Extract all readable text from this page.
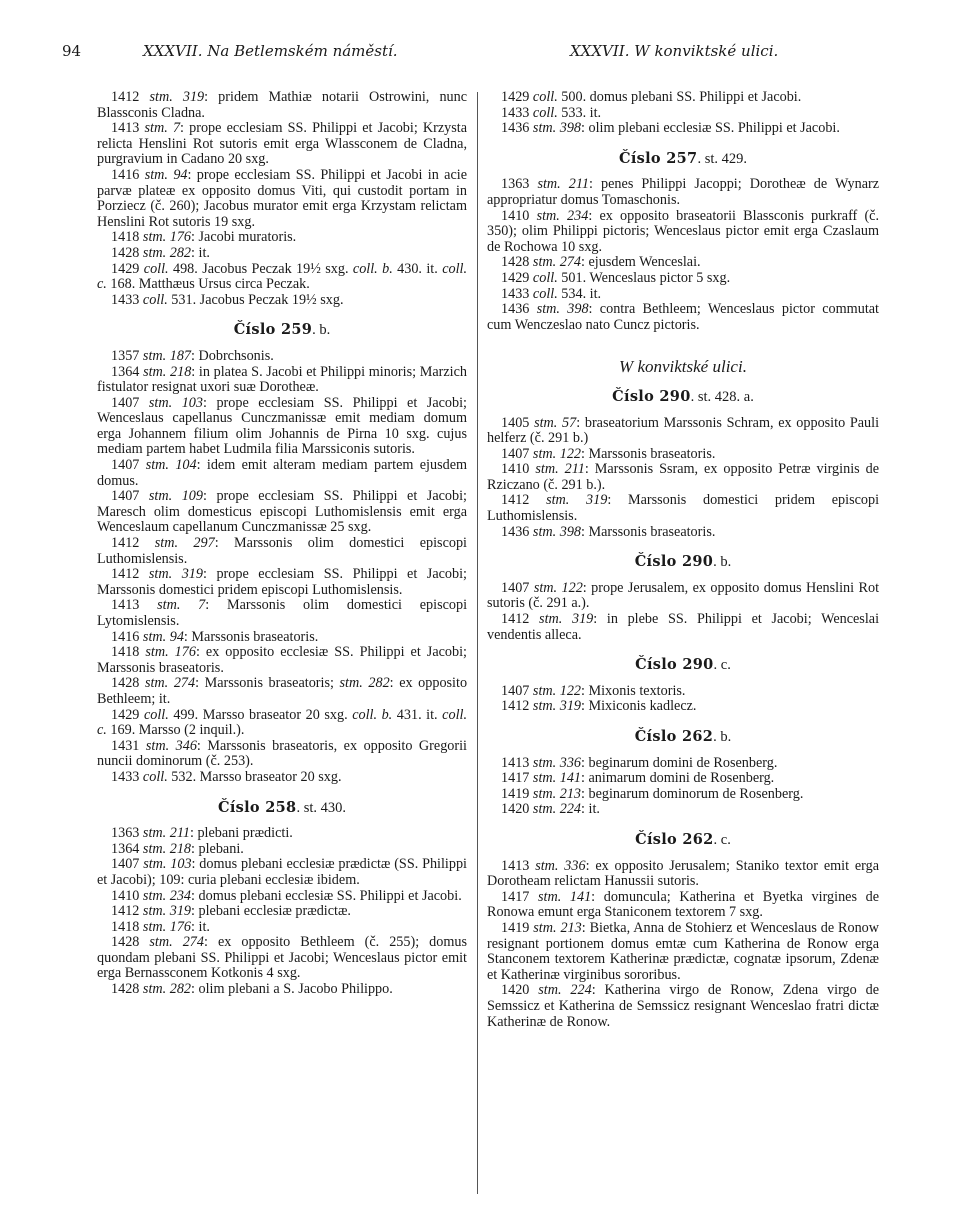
94	XXXVII. Na Betlemském náměstí.	XXXVII. W konviktské ulici.

1412 stm. 319: pridem Mathiæ notarii Ostrowini, nunc Blassconis Cladna.

1413 stm. 7: prope ecclesiam SS. Philippi et Jacobi; Krzysta relicta Henslini Rot sutoris emit erga Wlassconem de Cladna, purgravium in Cadano 20 sxg.

1416 stm. 94: prope ecclesiam SS. Philippi et Jacobi in acie parvæ plateæ ex opposito domus Viti, qui custodit portam in Porziecz (č. 260); Jacobus murator emit erga Krzystam relictam Henslini Rot sutoris 19 sxg.

1418 stm. 176: Jacobi muratoris.

1428 stm. 282: it.

1429 coll. 498. Jacobus Peczak 19½ sxg. coll. b. 430. it. coll. c. 168. Matthæus Ursus circa Peczak.

1433 coll. 531. Jacobus Peczak 19½ sxg.

Číslo 259. b.

1357 stm. 187: Dobrchsonis.

1364 stm. 218: in platea S. Jacobi et Philippi minoris; Marzich fistulator resignat uxori suæ Dorotheæ.

1407 stm. 103: prope ecclesiam SS. Philippi et Jacobi; Wenceslaus capellanus Cunczmanissæ emit mediam domum erga Johannem filium olim Johannis de Pirna 10 sxg. cujus mediam partem habet Ludmila filia Marssiconis sutoris.

1407 stm. 104: idem emit alteram mediam partem ejusdem domus.

1407 stm. 109: prope ecclesiam SS. Philippi et Jacobi; Maresch olim domesticus episcopi Luthomislensis emit erga Wenceslaum capellanum Cunczmanissæ 25 sxg.

1412 stm. 297: Marssonis olim domestici episcopi Luthomislensis.

1412 stm. 319: prope ecclesiam SS. Philippi et Jacobi; Marssonis domestici pridem episcopi Luthomislensis.

1413 stm. 7: Marssonis olim domestici episcopi Lytomislensis.

1416 stm. 94: Marssonis braseatoris.

1418 stm. 176: ex opposito ecclesiæ SS. Philippi et Jacobi; Marssonis braseatoris.

1428 stm. 274: Marssonis braseatoris; stm. 282: ex opposito Bethleem; it.

1429 coll. 499. Marsso braseator 20 sxg. coll. b. 431. it. coll. c. 169. Marsso (2 inquil.).

1431 stm. 346: Marssonis braseatoris, ex opposito Gregorii nuncii dominorum (č. 253).

1433 coll. 532. Marsso braseator 20 sxg.

Číslo 258. st. 430.

1363 stm. 211: plebani prædicti.

1364 stm. 218: plebani.

1407 stm. 103: domus plebani ecclesiæ prædictæ (SS. Philippi et Jacobi); 109: curia plebani ecclesiæ ibidem.

1410 stm. 234: domus plebani ecclesiæ SS. Philippi et Jacobi.

1412 stm. 319: plebani ecclesiæ prædictæ.

1418 stm. 176: it.

1428 stm. 274: ex opposito Bethleem (č. 255); domus quondam plebani SS. Philippi et Jacobi; Wenceslaus pictor emit erga Bernassconem Kotkonis 4 sxg.

1428 stm. 282: olim plebani a S. Jacobo Philippo.

1429 coll. 500. domus plebani SS. Philippi et Jacobi.

1433 coll. 533. it.

1436 stm. 398: olim plebani ecclesiæ SS. Philippi et Jacobi.

Číslo 257. st. 429.

1363 stm. 211: penes Philippi Jacoppi; Dorotheæ de Wynarz appropriatur domus Tomaschonis.

1410 stm. 234: ex opposito braseatorii Blassconis purkraff (č. 350); olim Philippi pictoris; Wenceslaus pictor emit erga Czaslaum de Rochowa 10 sxg.

1428 stm. 274: ejusdem Wenceslai.

1429 coll. 501. Wenceslaus pictor 5 sxg.

1433 coll. 534. it.

1436 stm. 398: contra Bethleem; Wenceslaus pictor commutat cum Wenczeslao nato Cuncz pictoris.

W konviktské ulici.
Číslo 290. st. 428. a.

1405 stm. 57: braseatorium Marssonis Schram, ex opposito Pauli helferz (č. 291 b.)

1407 stm. 122: Marssonis braseatoris.

1410 stm. 211: Marssonis Ssram, ex opposito Petræ virginis de Rziczano (č. 291 b.).

1412 stm. 319: Marssonis domestici pridem episcopi Luthomislensis.

1436 stm. 398: Marssonis braseatoris.

Číslo 290. b.

1407 stm. 122: prope Jerusalem, ex opposito domus Henslini Rot sutoris (č. 291 a.).

1412 stm. 319: in plebe SS. Philippi et Jacobi; Wenceslai vendentis alleca.

Číslo 290. c.

1407 stm. 122: Mixonis textoris.

1412 stm. 319: Mixiconis kadlecz.

Číslo 262. b.

1413 stm. 336: beginarum domini de Rosenberg.

1417 stm. 141: animarum domini de Rosenberg.

1419 stm. 213: beginarum dominorum de Rosenberg.

1420 stm. 224: it.

Číslo 262. c.

1413 stm. 336: ex opposito Jerusalem; Staniko textor emit erga Dorotheam relictam Hanussii sutoris.

1417 stm. 141: domuncula; Katherina et Byetka virgines de Ronowa emunt erga Staniconem textorem 7 sxg.

1419 stm. 213: Bietka, Anna de Stohierz et Wenceslaus de Ronow resignant portionem domus emtæ cum Katherina de Ronow erga Stanconem textorem Katherinæ prædictæ, cognatæ ipsorum, Zdenæ et Katherinæ virginibus sororibus.

1420 stm. 224: Katherina virgo de Ronow, Zdena virgo de Semssicz et Katherina de Semssicz resignant Wenceslao fratri dictæ Katherinæ de Ronow.
